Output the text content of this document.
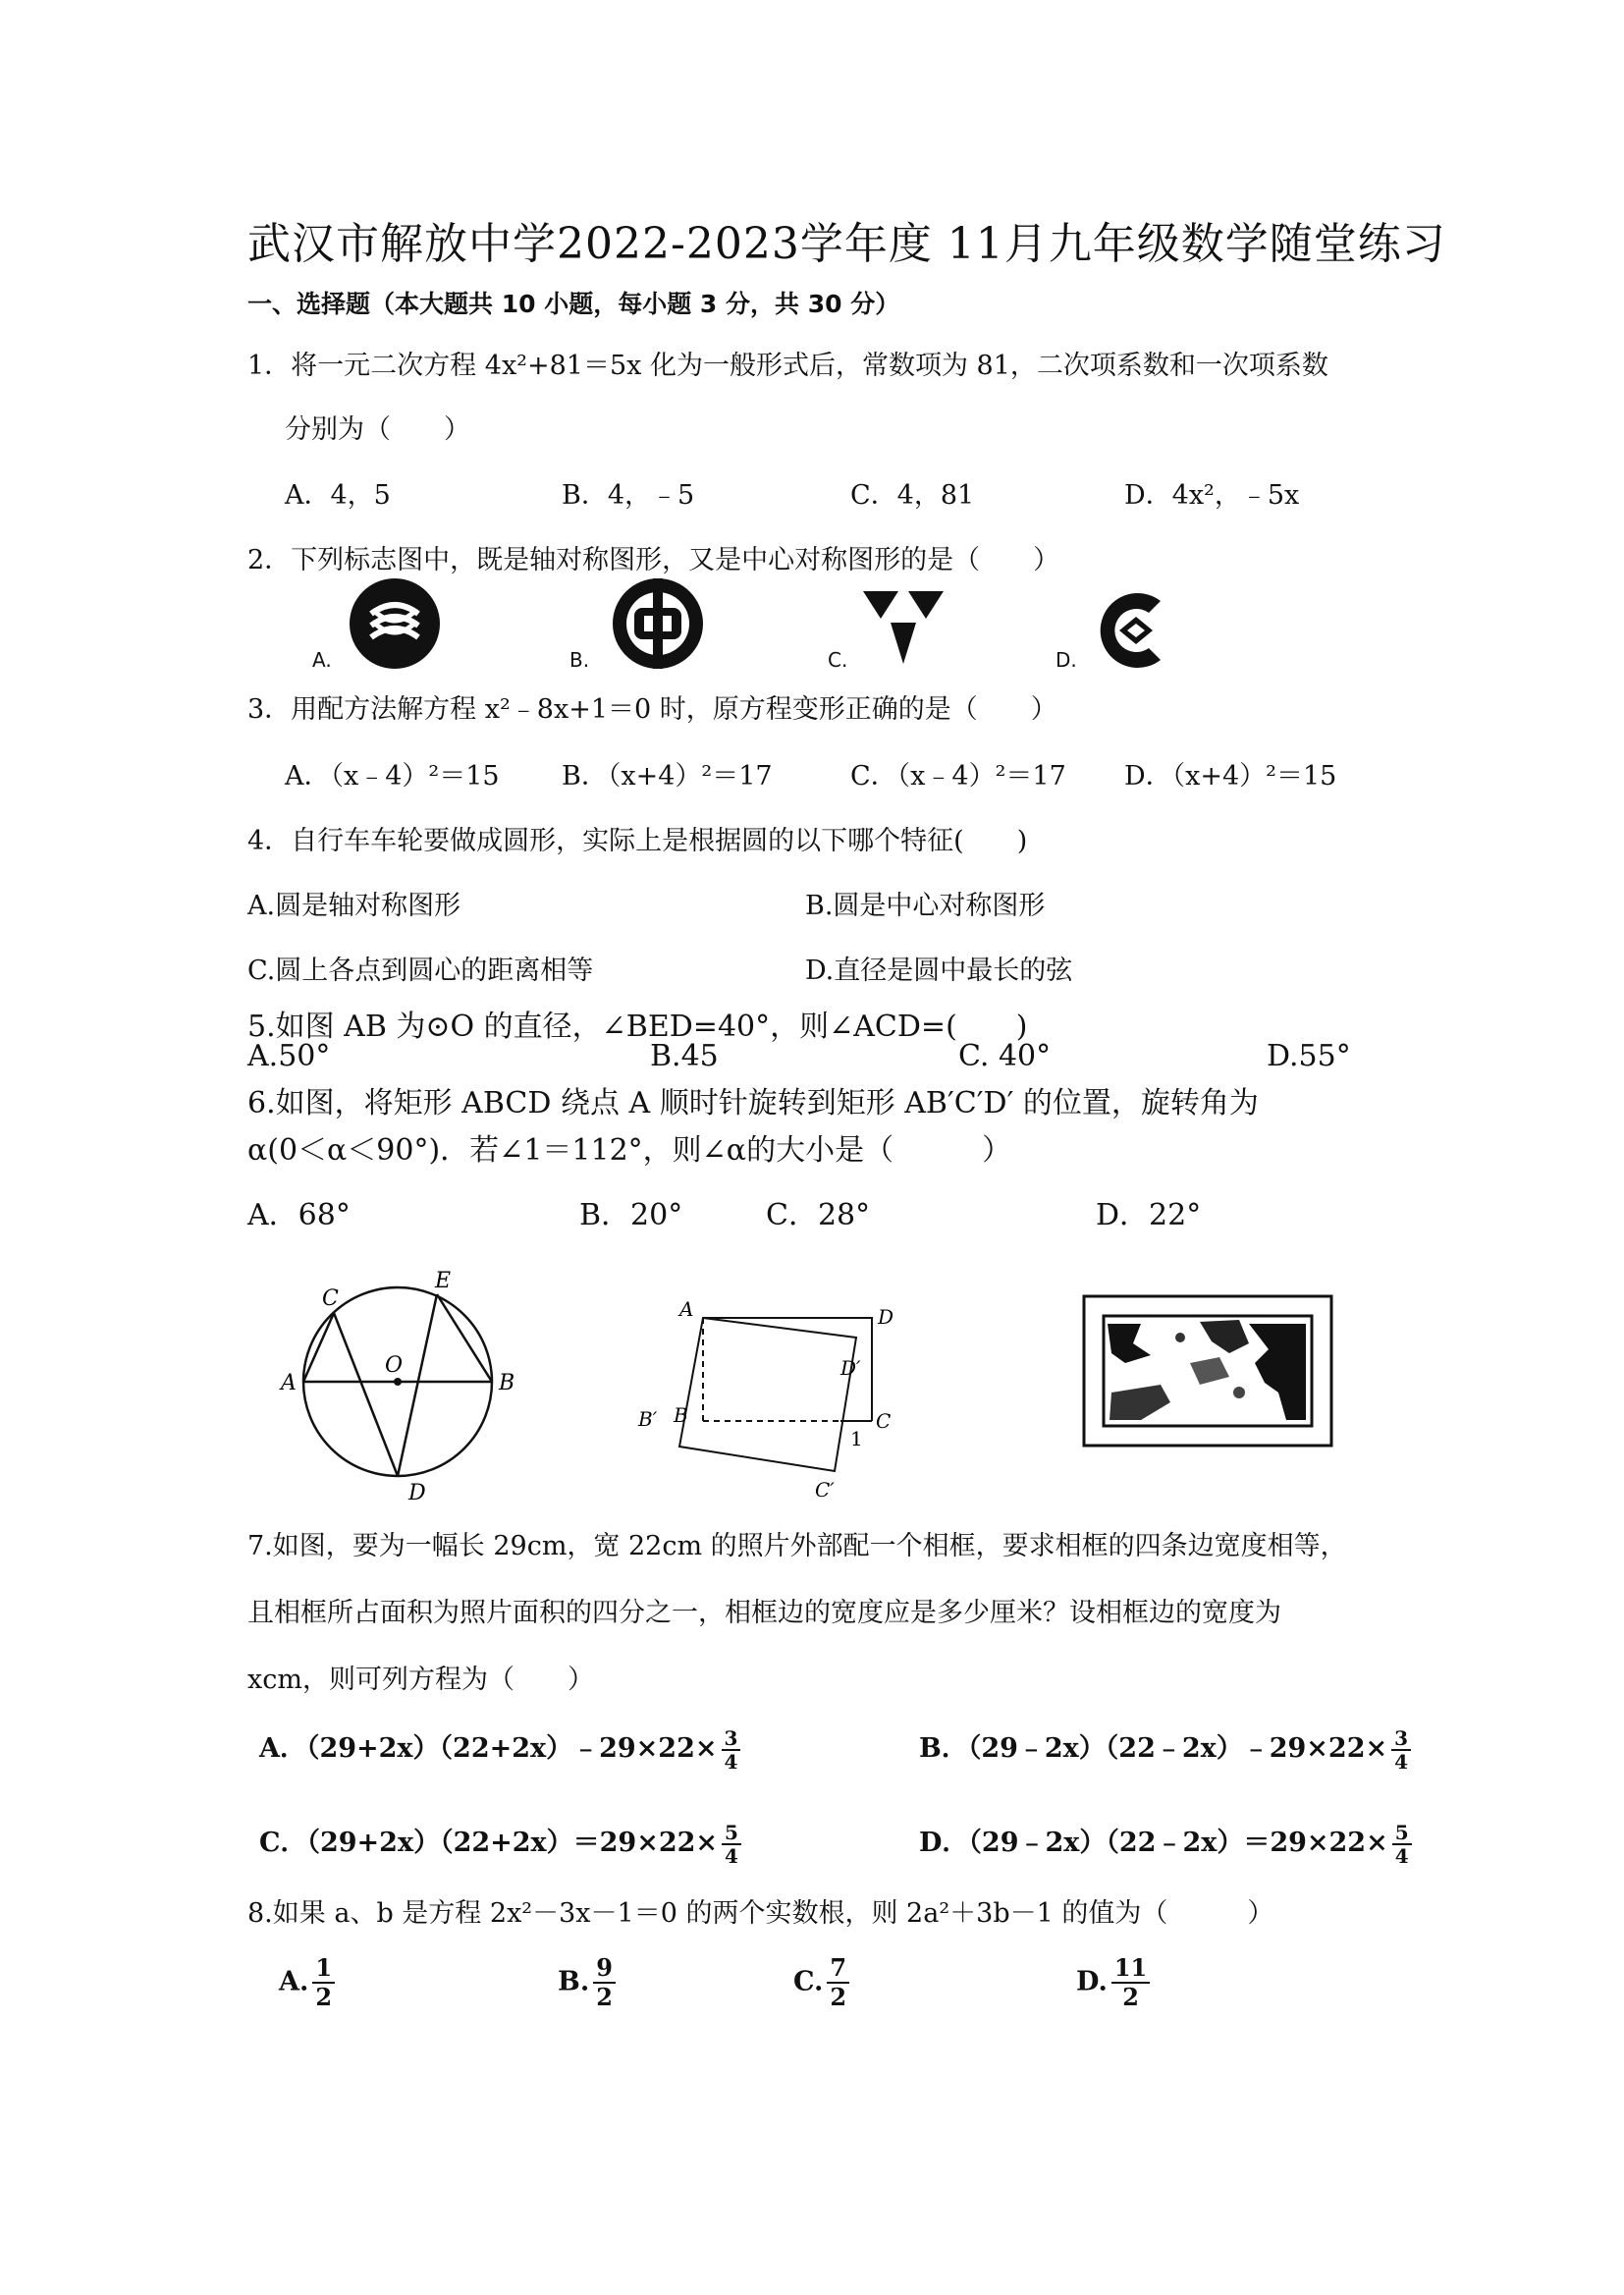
武汉市解放中学2022-2023学年度 11月九年级数学随堂练习
一、选择题（本大题共 10 小题，每小题 3 分，共 30 分）
1．将一元二次方程 4x²+81＝5x 化为一般形式后，常数项为 81，二次项系数和一次项系数
分别为（　　）
A．4，5	B．4，﹣5	C．4，81	D．4x²，﹣5x
2．下列标志图中，既是轴对称图形，又是中心对称图形的是（　　）
A.	B.	C.	D.
3．用配方法解方程 x²﹣8x+1＝0 时，原方程变形正确的是（　　）
A．（x﹣4）²＝15 B．（x+4）²＝17	C．（x﹣4）²＝17 D．（x+4）²＝15
4．自行车车轮要做成圆形，实际上是根据圆的以下哪个特征(　　)
A.圆是轴对称图形	B.圆是中心对称图形
C.圆上各点到圆心的距离相等	D.直径是圆中最长的弦
5.如图 AB 为⊙O 的直径，∠BED=40°，则∠ACD=(　　)
A.50°	B.45	C. 40°	D.55°
6.如图，将矩形 ABCD 绕点 A 顺时针旋转到矩形 AB′C′D′ 的位置，旋转角为
α(0＜α＜90°)．若∠1＝112°，则∠α的大小是（　　　）
A．68°	B．20°	C．28°	D．22°
C
E
A
O
B
D
A	D
D′
B′ B	C
1
C′
7.如图，要为一幅长 29cm，宽 22cm 的照片外部配一个相框，要求相框的四条边宽度相等，
且相框所占面积为照片面积的四分之一，相框边的宽度应是多少厘米？设相框边的宽度为
xcm，则可列方程为（　　）
A．（29+2x）（22+2x）﹣29×22× $\frac{3}{4}$	B．（29﹣2x）（22﹣2x）﹣29×22× $\frac{3}{4}$
C．$(29+2x)(22+2x)=29\times 22\times \frac{5}{4}$	D．（29﹣2x）（22﹣2x）＝29×22× $\frac{5}{4}$
8.如果 a、b 是方程 2x²－3x－1＝0 的两个实数根，则 2a²＋3b－1 的值为（　　　）
A. $\frac{1}{2}$	B. $\frac{9}{2}$	C. $\frac{7}{2}$	D. $\frac{11}{2}$
